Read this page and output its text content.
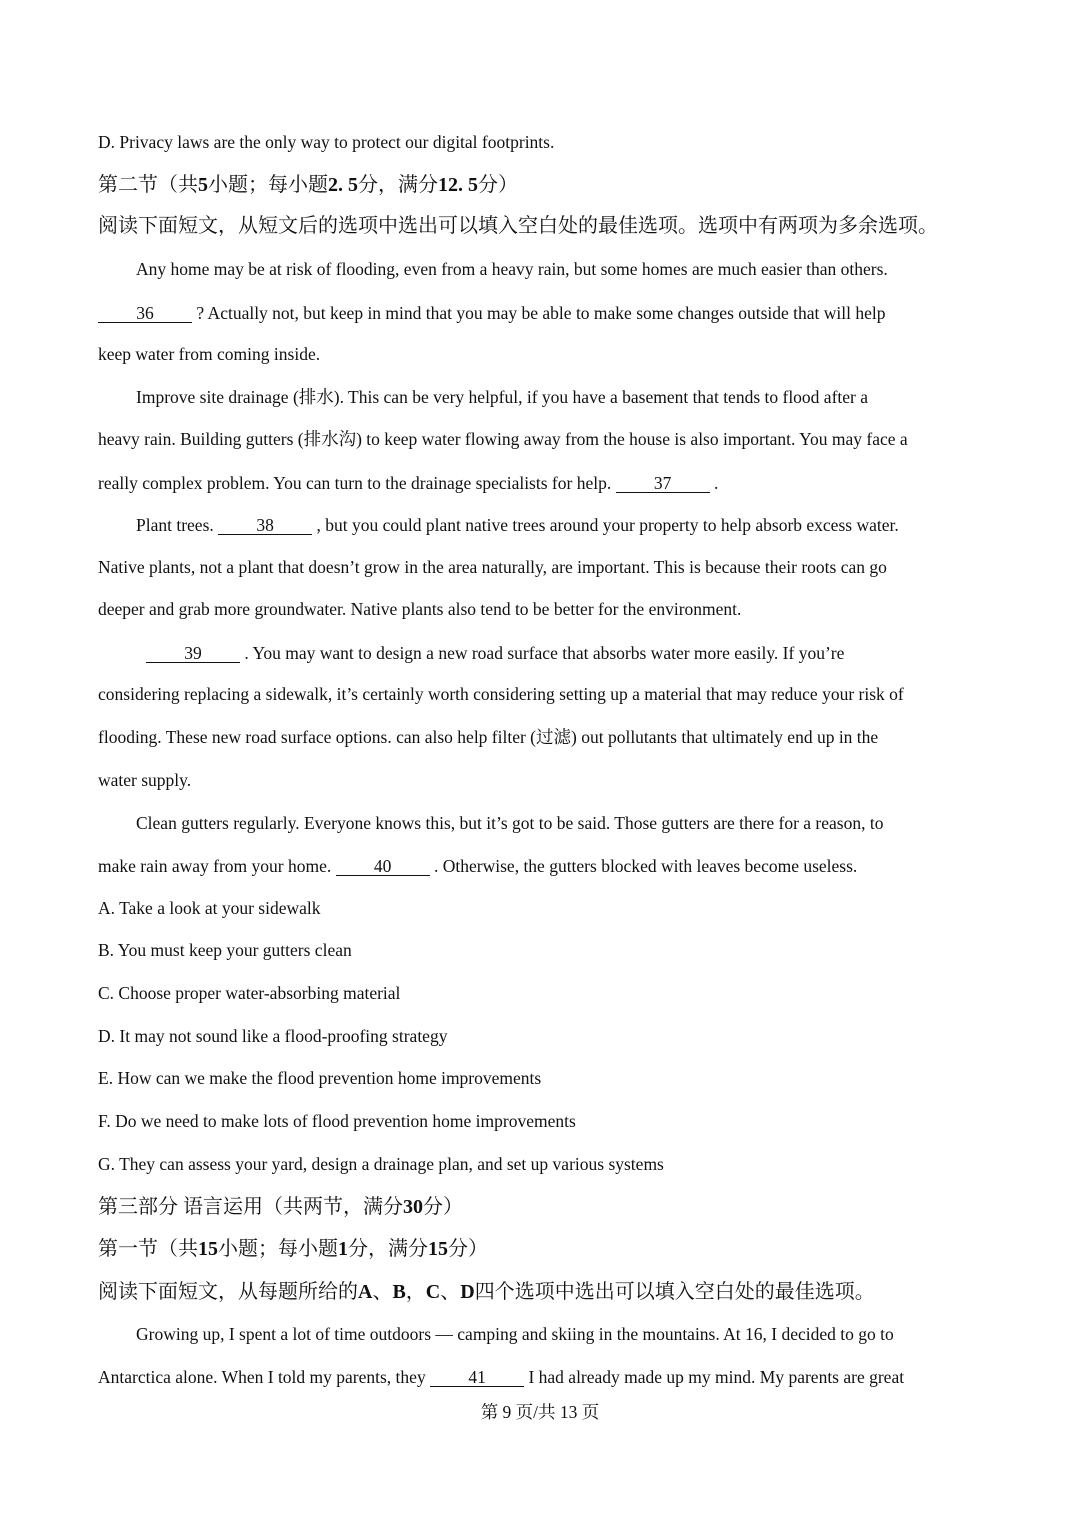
D. Privacy laws are the only way to protect our digital footprints.
第二节（共5小题；每小题2. 5分，满分12. 5分）
阅读下面短文，从短文后的选项中选出可以填入空白处的最佳选项。选项中有两项为多余选项。
Any home may be at risk of flooding, even from a heavy rain, but some homes are much easier than others.
36 ? Actually not, but keep in mind that you may be able to make some changes outside that will help
keep water from coming inside.
Improve site drainage (排水). This can be very helpful, if you have a basement that tends to flood after a
heavy rain. Building gutters (排水沟) to keep water flowing away from the house is also important. You may face a
really complex problem. You can turn to the drainage specialists for help. 37 .
Plant trees. 38 , but you could plant native trees around your property to help absorb excess water.
Native plants, not a plant that doesn’t grow in the area naturally, are important. This is because their roots can go
deeper and grab more groundwater. Native plants also tend to be better for the environment.
39 . You may want to design a new road surface that absorbs water more easily. If you’re
considering replacing a sidewalk, it’s certainly worth considering setting up a material that may reduce your risk of
flooding. These new road surface options. can also help filter (过滤) out pollutants that ultimately end up in the
water supply.
Clean gutters regularly. Everyone knows this, but it’s got to be said. Those gutters are there for a reason, to
make rain away from your home. 40 . Otherwise, the gutters blocked with leaves become useless.
A. Take a look at your sidewalk
B. You must keep your gutters clean
C. Choose proper water-absorbing material
D. It may not sound like a flood-proofing strategy
E. How can we make the flood prevention home improvements
F. Do we need to make lots of flood prevention home improvements
G. They can assess your yard, design a drainage plan, and set up various systems
第三部分 语言运用（共两节，满分30分）
第一节（共15小题；每小题1分，满分15分）
阅读下面短文，从每题所给的A、B，C、D四个选项中选出可以填入空白处的最佳选项。
Growing up, I spent a lot of time outdoors — camping and skiing in the mountains. At 16, I decided to go to
Antarctica alone. When I told my parents, they 41 I had already made up my mind. My parents are great
第 9 页/共 13 页
